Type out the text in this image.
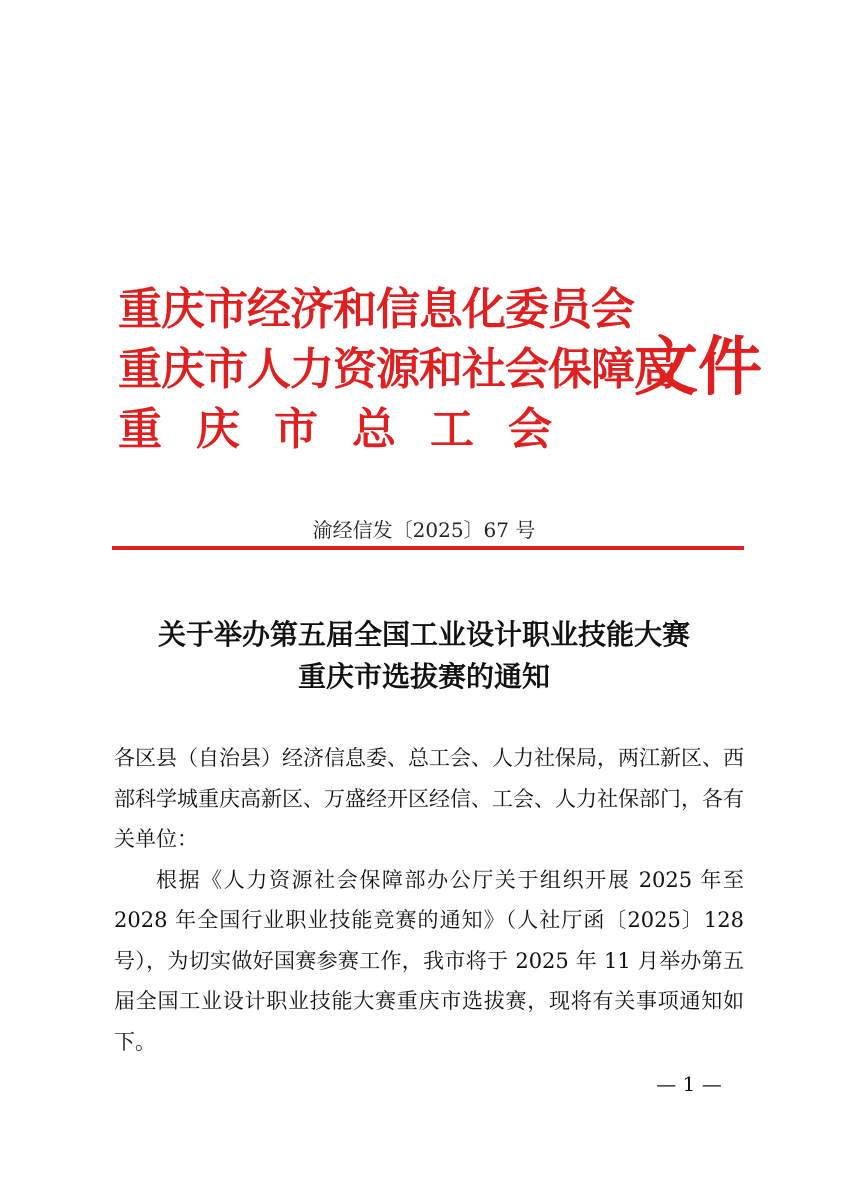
重庆市经济和信息化委员会
重庆市人力资源和社会保障局
重庆市总工会
文件
渝经信发〔2025〕67 号
关于举办第五届全国工业设计职业技能大赛
重庆市选拔赛的通知

各区县（自治县）经济信息委、总工会、人力社保局，两江新区、西部科学城重庆高新区、万盛经开区经信、工会、人力社保部门，各有关单位：

根据《人力资源社会保障部办公厅关于组织开展 2025 年至 2028 年全国行业职业技能竞赛的通知》（人社厅函〔2025〕128 号），为切实做好国赛参赛工作，我市将于 2025 年 11 月举办第五届全国工业设计职业技能大赛重庆市选拔赛，现将有关事项通知如下。

— 1 —
